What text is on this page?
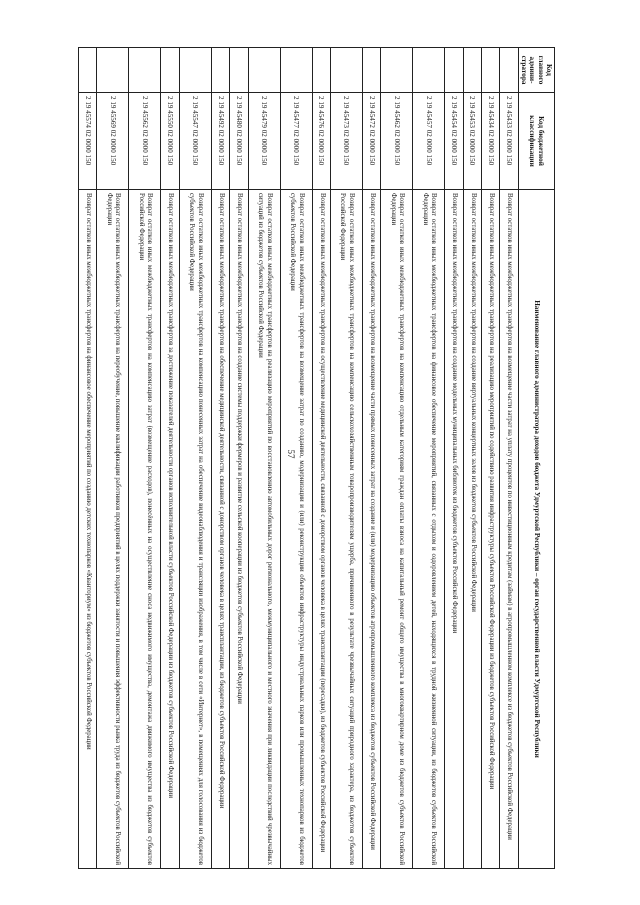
57
Код главного админи-стратора	Код бюджетной классификации	Наименование главного администратора доходов бюджета Удмуртской Республики – орган государственной власти Удмуртской Республики
	2 19 45433 02 0000 150	Возврат остатков иных межбюджетных трансфертов на возмещение части затрат на уплату процентов по инвестиционным кредитам (займам) в агропромышленном комплексе из бюджетов субъектов Российской Федерации
	2 19 45434 02 0000 150	Возврат остатков иных межбюджетных трансфертов на реализацию мероприятий по содействию развития инфраструктуры субъектов Российской Федерации из бюджетов субъектов Российской Федерации
	2 19 45453 02 0000 150	Возврат остатков иных межбюджетных трансфертов на создание виртуальных концертных залов из бюджетов субъектов Российской Федерации
	2 19 45454 02 0000 150	Возврат остатков иных межбюджетных трансфертов на создание модельных муниципальных библиотек из бюджетов субъектов Российской Федерации
	2 19 45457 02 0000 150	Возврат остатков иных межбюджетных трансфертов на финансовое обеспечение мероприятий, связанных с отдыхом и оздоровлением детей, находящихся в трудной жизненной ситуации, из бюджетов субъектов Российской Федерации
	2 19 45462 02 0000 150	Возврат остатков иных межбюджетных трансфертов на компенсацию отдельным категориям граждан оплаты взноса на капитальный ремонт общего имущества в многоквартирном доме из бюджетов субъектов Российской Федерации
	2 19 45472 02 0000 150	Возврат остатков иных межбюджетных трансфертов на возмещение части прямых понесенных затрат на создание и (или) модернизацию объектов агропромышленного комплекса из бюджетов субъектов Российской Федерации
	2 19 45473 02 0000 150	Возврат остатков иных межбюджетных трансфертов на компенсацию сельскохозяйственным товаропроизводителям ущерба, причиненного в результате чрезвычайных ситуаций природного характера, из бюджетов субъектов Российской Федерации
	2 19 45476 02 0000 150	Возврат остатков иных межбюджетных трансфертов на осуществление медицинской деятельности, связанной с донорством органов человека в целях трансплантации (пересадки), из бюджетов субъектов Российской Федерации
	2 19 45477 02 0000 150	Возврат остатков иных межбюджетных трансфертов на возмещение затрат по созданию, модернизации и (или) реконструкции объектов инфраструктуры индустриальных парков или промышленных технопарков из бюджетов субъектов Российской Федерации
	2 19 45479 02 0000 150	Возврат остатков иных межбюджетных трансфертов на реализацию мероприятий по восстановлению автомобильных дорог регионального, межмуниципального и местного значения при ликвидации последствий чрезвычайных ситуаций из бюджетов субъектов Российской Федерации
	2 19 45480 02 0000 150	Возврат остатков иных межбюджетных трансфертов на создание системы поддержки фермеров и развитие сельской кооперации из бюджетов субъектов Российской Федерации
	2 19 45492 02 0000 150	Возврат остатков иных межбюджетных трансфертов на обеспечение медицинской деятельности, связанной с донорством органов человека в целях трансплантации, из бюджетов субъектов Российской Федерации
	2 19 45547 02 0000 150	Возврат остатков иных межбюджетных трансфертов на компенсацию понесенных затрат на обеспечение видеонаблюдения и трансляции изображения, в том числе в сети «Интернет», в помещениях для голосования из бюджетов субъектов Российской Федерации
	2 19 45550 02 0000 150	Возврат остатков иных межбюджетных трансфертов за достижение показателей деятельности органов исполнительной власти субъектов Российской Федерации из бюджетов субъектов Российской Федерации
	2 19 45562 02 0000 150	Возврат остатков иных межбюджетных трансфертов на компенсацию затрат (возмещение расходов), понесённых на осуществление сноса недвижимого имущества, демонтажа движимого имущества из бюджетов субъектов Российской Федерации
	2 19 45569 02 0000 150	Возврат остатков иных межбюджетных трансфертов на переобучение, повышение квалификации работников предприятий в целях поддержки занятости и повышения эффективности рынка труда из бюджетов субъектов Российской Федерации
	2 19 45574 02 0000 150	Возврат остатков иных межбюджетных трансфертов на финансовое обеспечение мероприятий по созданию детских технопарков «Кванториум» из бюджетов субъектов Российской Федерации
